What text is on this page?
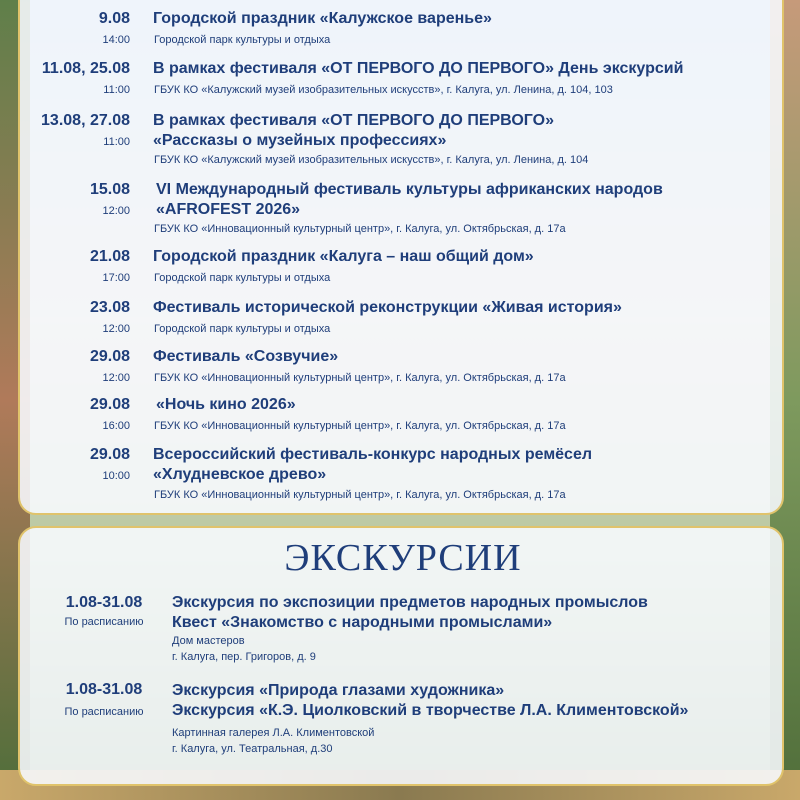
9.08
14:00
Городской праздник «Калужское варенье»
Городской парк культуры и отдыха
11.08, 25.08
11:00
В рамках фестиваля «ОТ ПЕРВОГО ДО ПЕРВОГО» День экскурсий
ГБУК КО «Калужский музей изобразительных искусств», г. Калуга, ул. Ленина, д. 104, 103
13.08, 27.08
11:00
В рамках фестиваля «ОТ ПЕРВОГО ДО ПЕРВОГО»
«Рассказы о музейных профессиях»
ГБУК КО «Калужский музей изобразительных искусств», г. Калуга, ул. Ленина, д. 104
15.08
12:00
VI Международный фестиваль культуры африканских народов
«AFROFEST 2026»
ГБУК КО «Инновационный культурный центр», г. Калуга, ул. Октябрьская, д. 17а
21.08
17:00
Городской праздник «Калуга – наш общий дом»
Городской парк культуры и отдыха
23.08
12:00
Фестиваль исторической реконструкции «Живая история»
Городской парк культуры и отдыха
29.08
12:00
Фестиваль «Созвучие»
ГБУК КО «Инновационный культурный центр», г. Калуга, ул. Октябрьская, д. 17а
29.08
16:00
«Ночь кино 2026»
ГБУК КО «Инновационный культурный центр», г. Калуга, ул. Октябрьская, д. 17а
29.08
10:00
Всероссийский фестиваль-конкурс народных ремёсел
«Хлудневское древо»
ГБУК КО «Инновационный культурный центр», г. Калуга, ул. Октябрьская, д. 17а
ЭКСКУРСИИ
1.08-31.08
По расписанию
Экскурсия по экспозиции предметов народных промыслов
Квест «Знакомство с народными промыслами»
Дом мастеров
г. Калуга, пер. Григоров, д. 9
1.08-31.08
По расписанию
Экскурсия «Природа глазами художника»
Экскурсия «К.Э. Циолковский в творчестве Л.А. Климентовской»
Картинная галерея Л.А. Климентовской
г. Калуга, ул. Театральная, д.30
